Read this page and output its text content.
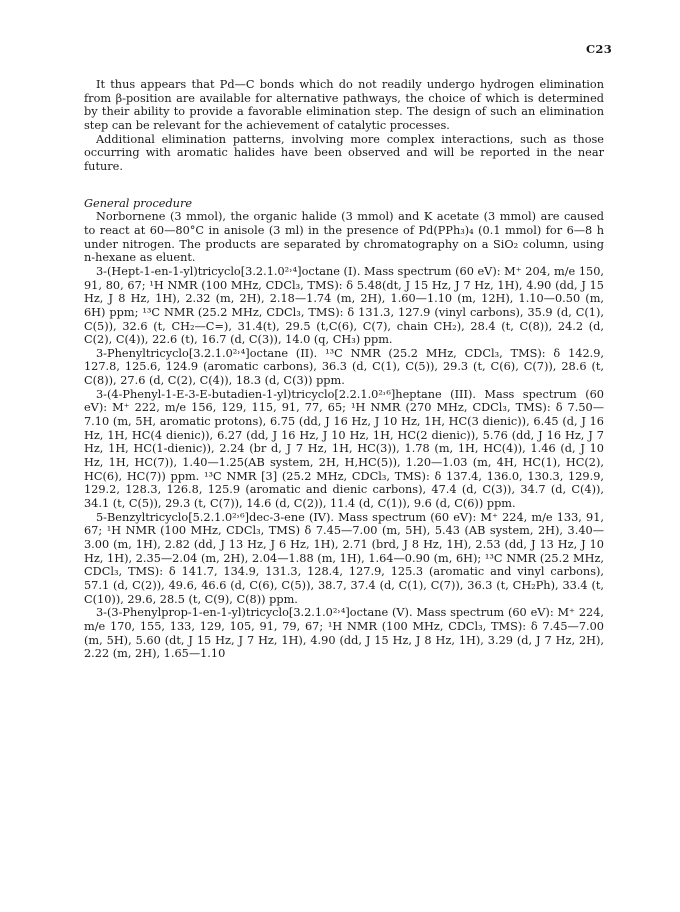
C23

It thus appears that Pd—C bonds which do not readily undergo hydrogen elimination from β-position are available for alternative pathways, the choice of which is determined by their ability to provide a favorable elimination step. The design of such an elimination step can be relevant for the achievement of catalytic processes.

Additional elimination patterns, involving more complex interactions, such as those occurring with aromatic halides have been observed and will be reported in the near future.

General procedure

Norbornene (3 mmol), the organic halide (3 mmol) and K acetate (3 mmol) are caused to react at 60—80°C in anisole (3 ml) in the presence of Pd(PPh₃)₄ (0.1 mmol) for 6—8 h under nitrogen. The products are separated by chromatography on a SiO₂ column, using n-hexane as eluent.

3-(Hept-1-en-1-yl)tricyclo[3.2.1.0²˒⁴]octane (I). Mass spectrum (60 eV): M⁺ 204, m/e 150, 91, 80, 67; ¹H NMR (100 MHz, CDCl₃, TMS): δ 5.48(dt, J 15 Hz, J 7 Hz, 1H), 4.90 (dd, J 15 Hz, J 8 Hz, 1H), 2.32 (m, 2H), 2.18—1.74 (m, 2H), 1.60—1.10 (m, 12H), 1.10—0.50 (m, 6H) ppm; ¹³C NMR (25.2 MHz, CDCl₃, TMS): δ 131.3, 127.9 (vinyl carbons), 35.9 (d, C(1), C(5)), 32.6 (t, CH₂—C=), 31.4(t), 29.5 (t,C(6), C(7), chain CH₂), 28.4 (t, C(8)), 24.2 (d, C(2), C(4)), 22.6 (t), 16.7 (d, C(3)), 14.0 (q, CH₃) ppm.

3-Phenyltricyclo[3.2.1.0²˒⁴]octane (II). ¹³C NMR (25.2 MHz, CDCl₃, TMS): δ 142.9, 127.8, 125.6, 124.9 (aromatic carbons), 36.3 (d, C(1), C(5)), 29.3 (t, C(6), C(7)), 28.6 (t, C(8)), 27.6 (d, C(2), C(4)), 18.3 (d, C(3)) ppm.

3-(4-Phenyl-1-E-3-E-butadien-1-yl)tricyclo[2.2.1.0²˒⁶]heptane (III). Mass spectrum (60 eV): M⁺ 222, m/e 156, 129, 115, 91, 77, 65; ¹H NMR (270 MHz, CDCl₃, TMS): δ 7.50—7.10 (m, 5H, aromatic protons), 6.75 (dd, J 16 Hz, J 10 Hz, 1H, HC(3 dienic)), 6.45 (d, J 16 Hz, 1H, HC(4 dienic)), 6.27 (dd, J 16 Hz, J 10 Hz, 1H, HC(2 dienic)), 5.76 (dd, J 16 Hz, J 7 Hz, 1H, HC(1-dienic)), 2.24 (br d, J 7 Hz, 1H, HC(3)), 1.78 (m, 1H, HC(4)), 1.46 (d, J 10 Hz, 1H, HC(7)), 1.40—1.25(AB system, 2H, H,HC(5)), 1.20—1.03 (m, 4H, HC(1), HC(2), HC(6), HC(7)) ppm. ¹³C NMR [3] (25.2 MHz, CDCl₃, TMS): δ 137.4, 136.0, 130.3, 129.9, 129.2, 128.3, 126.8, 125.9 (aromatic and dienic carbons), 47.4 (d, C(3)), 34.7 (d, C(4)), 34.1 (t, C(5)), 29.3 (t, C(7)), 14.6 (d, C(2)), 11.4 (d, C(1)), 9.6 (d, C(6)) ppm.

5-Benzyltricyclo[5.2.1.0²˒⁶]dec-3-ene (IV). Mass spectrum (60 eV): M⁺ 224, m/e 133, 91, 67; ¹H NMR (100 MHz, CDCl₃, TMS) δ 7.45—7.00 (m, 5H), 5.43 (AB system, 2H), 3.40—3.00 (m, 1H), 2.82 (dd, J 13 Hz, J 6 Hz, 1H), 2.71 (brd, J 8 Hz, 1H), 2.53 (dd, J 13 Hz, J 10 Hz, 1H), 2.35—2.04 (m, 2H), 2.04—1.88 (m, 1H), 1.64—0.90 (m, 6H); ¹³C NMR (25.2 MHz, CDCl₃, TMS): δ 141.7, 134.9, 131.3, 128.4, 127.9, 125.3 (aromatic and vinyl carbons), 57.1 (d, C(2)), 49.6, 46.6 (d, C(6), C(5)), 38.7, 37.4 (d, C(1), C(7)), 36.3 (t, CH₂Ph), 33.4 (t, C(10)), 29.6, 28.5 (t, C(9), C(8)) ppm.

3-(3-Phenylprop-1-en-1-yl)tricyclo[3.2.1.0²˒⁴]octane (V). Mass spectrum (60 eV): M⁺ 224, m/e 170, 155, 133, 129, 105, 91, 79, 67; ¹H NMR (100 MHz, CDCl₃, TMS): δ 7.45—7.00 (m, 5H), 5.60 (dt, J 15 Hz, J 7 Hz, 1H), 4.90 (dd, J 15 Hz, J 8 Hz, 1H), 3.29 (d, J 7 Hz, 2H), 2.22 (m, 2H), 1.65—1.10
